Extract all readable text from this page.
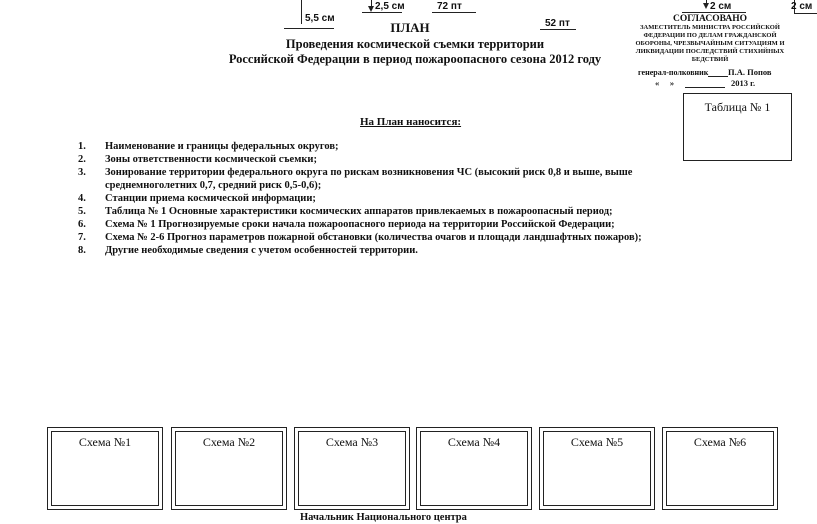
5,5 см
2,5 см	72 пт
52 пт
2 см	2 см
ПЛАН
Проведения космической съемки территории
Российской Федерации в период пожароопасного сезона 2012 году
СОГЛАСОВАНО
ЗАМЕСТИТЕЛЬ МИНИСТРА РОССИЙСКОЙ
ФЕДЕРАЦИИ ПО ДЕЛАМ ГРАЖДАНСКОЙ
ОБОРОНЫ, ЧРЕЗВЫЧАЙНЫМ СИТУАЦИЯМ И
ЛИКВИДАЦИИ ПОСЛЕДСТВИЙ СТИХИЙНЫХ
БЕДСТВИЙ
генерал-полковник П.А. Попов
«     »	2013 г.
Таблица № 1
На План наносится:
1.	Наименование и границы федеральных округов;
2.	Зоны ответственности космической съемки;
3.	Зонирование территории федерального округа по рискам возникновения ЧС (высокий риск 0,8 и выше, выше среднемноголетних 0,7, средний риск 0,5-0,6);
4.	Станции приема космической информации;
5.	Таблица № 1 Основные характеристики космических аппаратов привлекаемых в пожароопасный период;
6.	Схема № 1 Прогнозируемые сроки начала пожароопасного периода на территории Российской Федерации;
7.	Схема № 2-6 Прогноз параметров пожарной обстановки (количества очагов и площади ландшафтных пожаров);
8.	Другие необходимые сведения с учетом особенностей территории.
Схема №1	Схема №2	Схема №3	Схема №4	Схема №5	Схема №6
Начальник Национального центра
